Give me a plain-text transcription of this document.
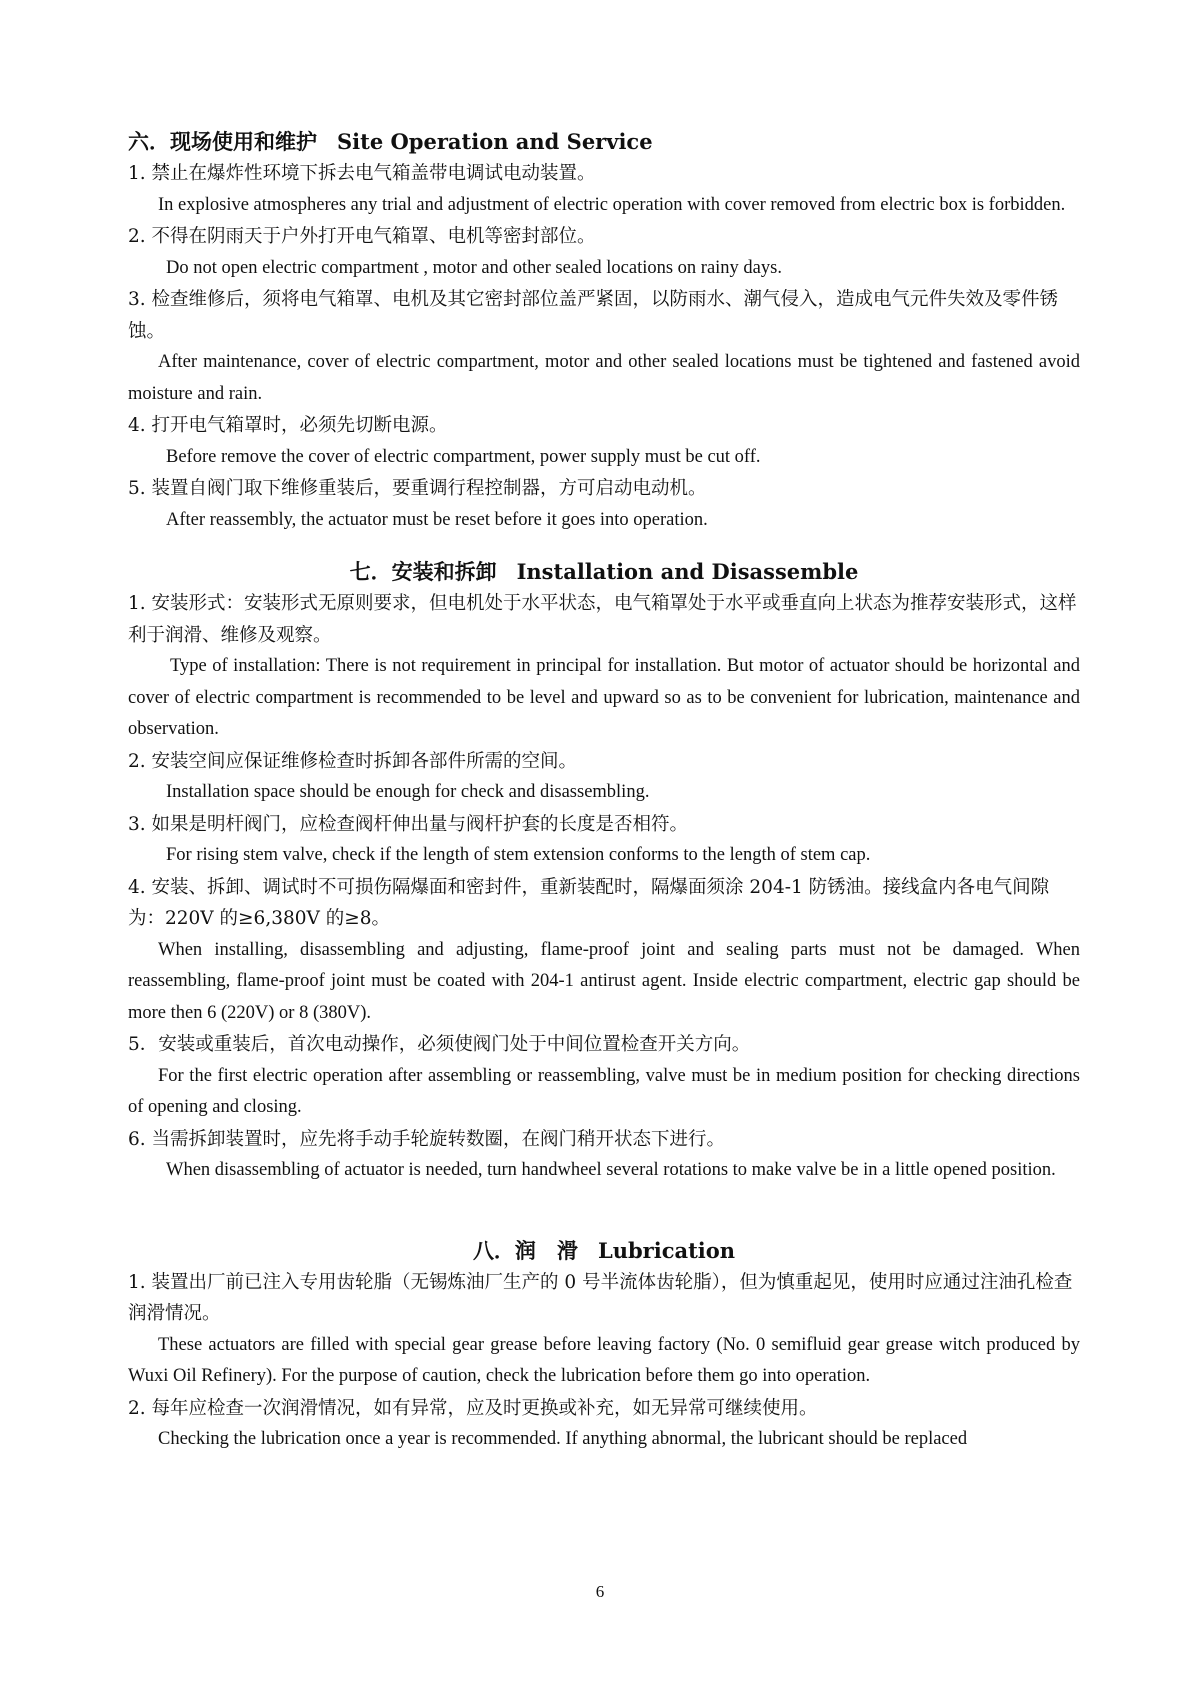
六．现场使用和维护 Site Operation and Service
1. 禁止在爆炸性环境下拆去电气箱盖带电调试电动装置。
In explosive atmospheres any trial and adjustment of electric operation with cover removed from electric box is forbidden.
2. 不得在阴雨天于户外打开电气箱罩、电机等密封部位。
Do not open electric compartment , motor and other sealed locations on rainy days.
3. 检查维修后，须将电气箱罩、电机及其它密封部位盖严紧固，以防雨水、潮气侵入，造成电气元件失效及零件锈蚀。
After maintenance, cover of electric compartment, motor and other sealed locations must be tightened and fastened avoid moisture and rain.
4. 打开电气箱罩时，必须先切断电源。
Before remove the cover of electric compartment, power supply must be cut off.
5. 装置自阀门取下维修重装后，要重调行程控制器，方可启动电动机。
After reassembly, the actuator must be reset before it goes into operation.
七．安装和拆卸 Installation and Disassemble
1. 安装形式：安装形式无原则要求，但电机处于水平状态，电气箱罩处于水平或垂直向上状态为推荐安装形式，这样利于润滑、维修及观察。
Type of installation: There is not requirement in principal for installation. But motor of actuator should be horizontal and cover of electric compartment is recommended to be level and upward so as to be convenient for lubrication, maintenance and observation.
2. 安装空间应保证维修检查时拆卸各部件所需的空间。
Installation space should be enough for check and disassembling.
3. 如果是明杆阀门，应检查阀杆伸出量与阀杆护套的长度是否相符。
For rising stem valve, check if the length of stem extension conforms to the length of stem cap.
4. 安装、拆卸、调试时不可损伤隔爆面和密封件，重新装配时，隔爆面须涂 204-1 防锈油。接线盒内各电气间隙为：220V 的≥6,380V 的≥8。
When installing, disassembling and adjusting, flame-proof joint and sealing parts must not be damaged. When reassembling, flame-proof joint must be coated with 204-1 antirust agent. Inside electric compartment, electric gap should be more then 6 (220V) or 8 (380V).
5．安装或重装后，首次电动操作，必须使阀门处于中间位置检查开关方向。
For the first electric operation after assembling or reassembling, valve must be in medium position for checking directions of opening and closing.
6. 当需拆卸装置时，应先将手动手轮旋转数圈，在阀门稍开状态下进行。
When disassembling of actuator is needed, turn handwheel several rotations to make valve be in a little opened position.
八．润　滑 Lubrication
1. 装置出厂前已注入专用齿轮脂（无锡炼油厂生产的 0 号半流体齿轮脂），但为慎重起见，使用时应通过注油孔检查润滑情况。
These actuators are filled with special gear grease before leaving factory (No. 0 semifluid gear grease witch produced by Wuxi Oil Refinery). For the purpose of caution, check the lubrication before them go into operation.
2. 每年应检查一次润滑情况，如有异常，应及时更换或补充，如无异常可继续使用。
Checking the lubrication once a year is recommended. If anything abnormal, the lubricant should be replaced
6
